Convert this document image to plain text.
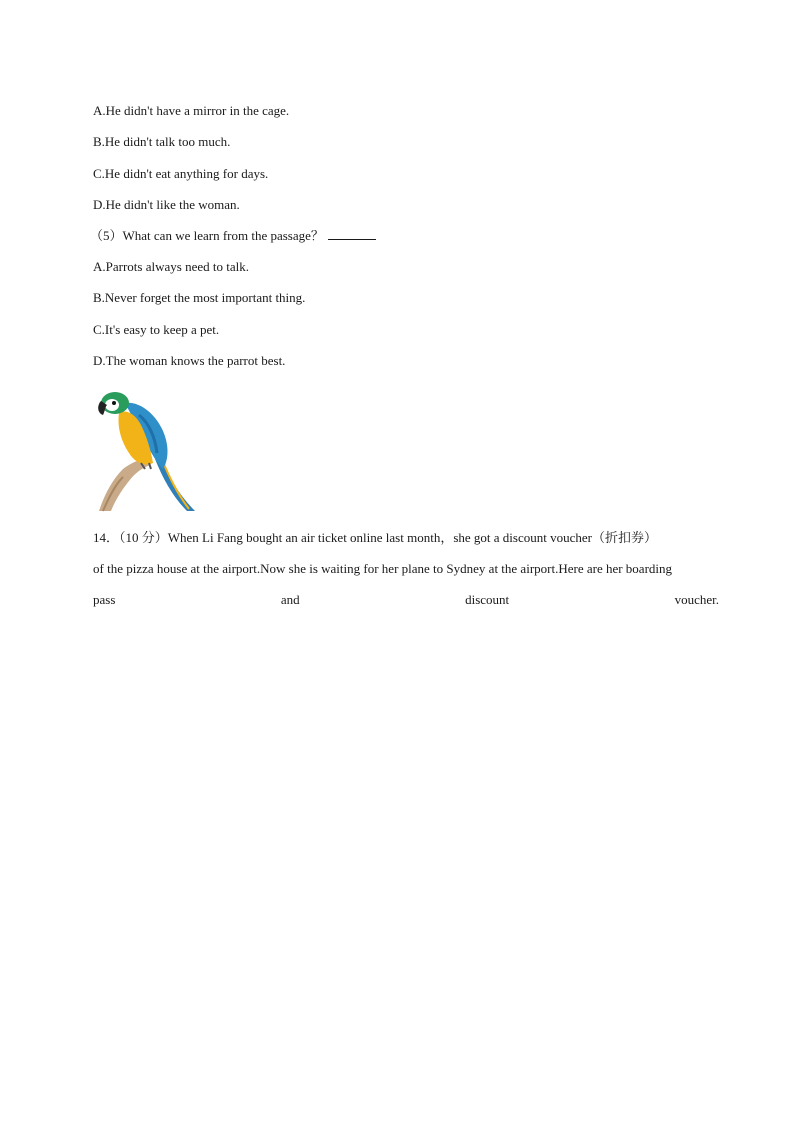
A.He didn't have a mirror in the cage.
B.He didn't talk too much.
C.He didn't eat anything for days.
D.He didn't like the woman.
（5）What can we learn from the passage？
A.Parrots always need to talk.
B.Never forget the most important thing.
C.It's easy to keep a pet.
D.The woman knows the parrot best.
14．（10 分）When Li Fang bought an air ticket online last month，she got a discount voucher（折扣券）
of the pizza house at the airport.Now she is waiting for her plane to Sydney at the airport.Here are her boarding
pass	and	discount	voucher.
